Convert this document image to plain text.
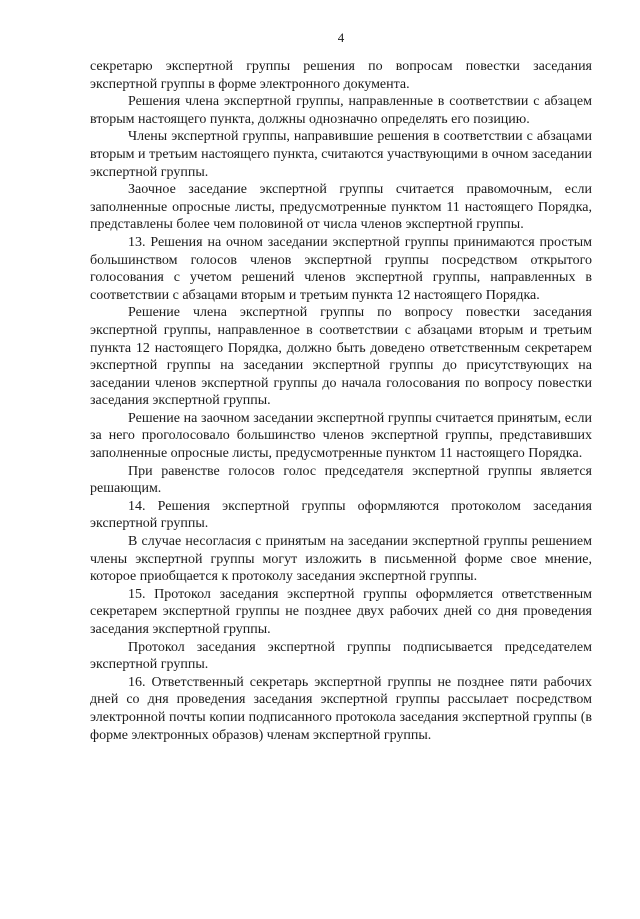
4

секретарю экспертной группы решения по вопросам повестки заседания экспертной группы в форме электронного документа.

Решения члена экспертной группы, направленные в соответствии с абзацем вторым настоящего пункта, должны однозначно определять его позицию.

Члены экспертной группы, направившие решения в соответствии с абзацами вторым и третьим настоящего пункта, считаются участвующими в очном заседании экспертной группы.

Заочное заседание экспертной группы считается правомочным, если заполненные опросные листы, предусмотренные пунктом 11 настоящего Порядка, представлены более чем половиной от числа членов экспертной группы.

13. Решения на очном заседании экспертной группы принимаются простым большинством голосов членов экспертной группы посредством открытого голосования с учетом решений членов экспертной группы, направленных в соответствии с абзацами вторым и третьим пункта 12 настоящего Порядка.

Решение члена экспертной группы по вопросу повестки заседания экспертной группы, направленное в соответствии с абзацами вторым и третьим пункта 12 настоящего Порядка, должно быть доведено ответственным секретарем экспертной группы на заседании экспертной группы до присутствующих на заседании членов экспертной группы до начала голосования по вопросу повестки заседания экспертной группы.

Решение на заочном заседании экспертной группы считается принятым, если за него проголосовало большинство членов экспертной группы, представивших заполненные опросные листы, предусмотренные пунктом 11 настоящего Порядка.

При равенстве голосов голос председателя экспертной группы является решающим.

14. Решения экспертной группы оформляются протоколом заседания экспертной группы.

В случае несогласия с принятым на заседании экспертной группы решением члены экспертной группы могут изложить в письменной форме свое мнение, которое приобщается к протоколу заседания экспертной группы.

15. Протокол заседания экспертной группы оформляется ответственным секретарем экспертной группы не позднее двух рабочих дней со дня проведения заседания экспертной группы.

Протокол заседания экспертной группы подписывается председателем экспертной группы.

16. Ответственный секретарь экспертной группы не позднее пяти рабочих дней со дня проведения заседания экспертной группы рассылает посредством электронной почты копии подписанного протокола заседания экспертной группы (в форме электронных образов) членам экспертной группы.
